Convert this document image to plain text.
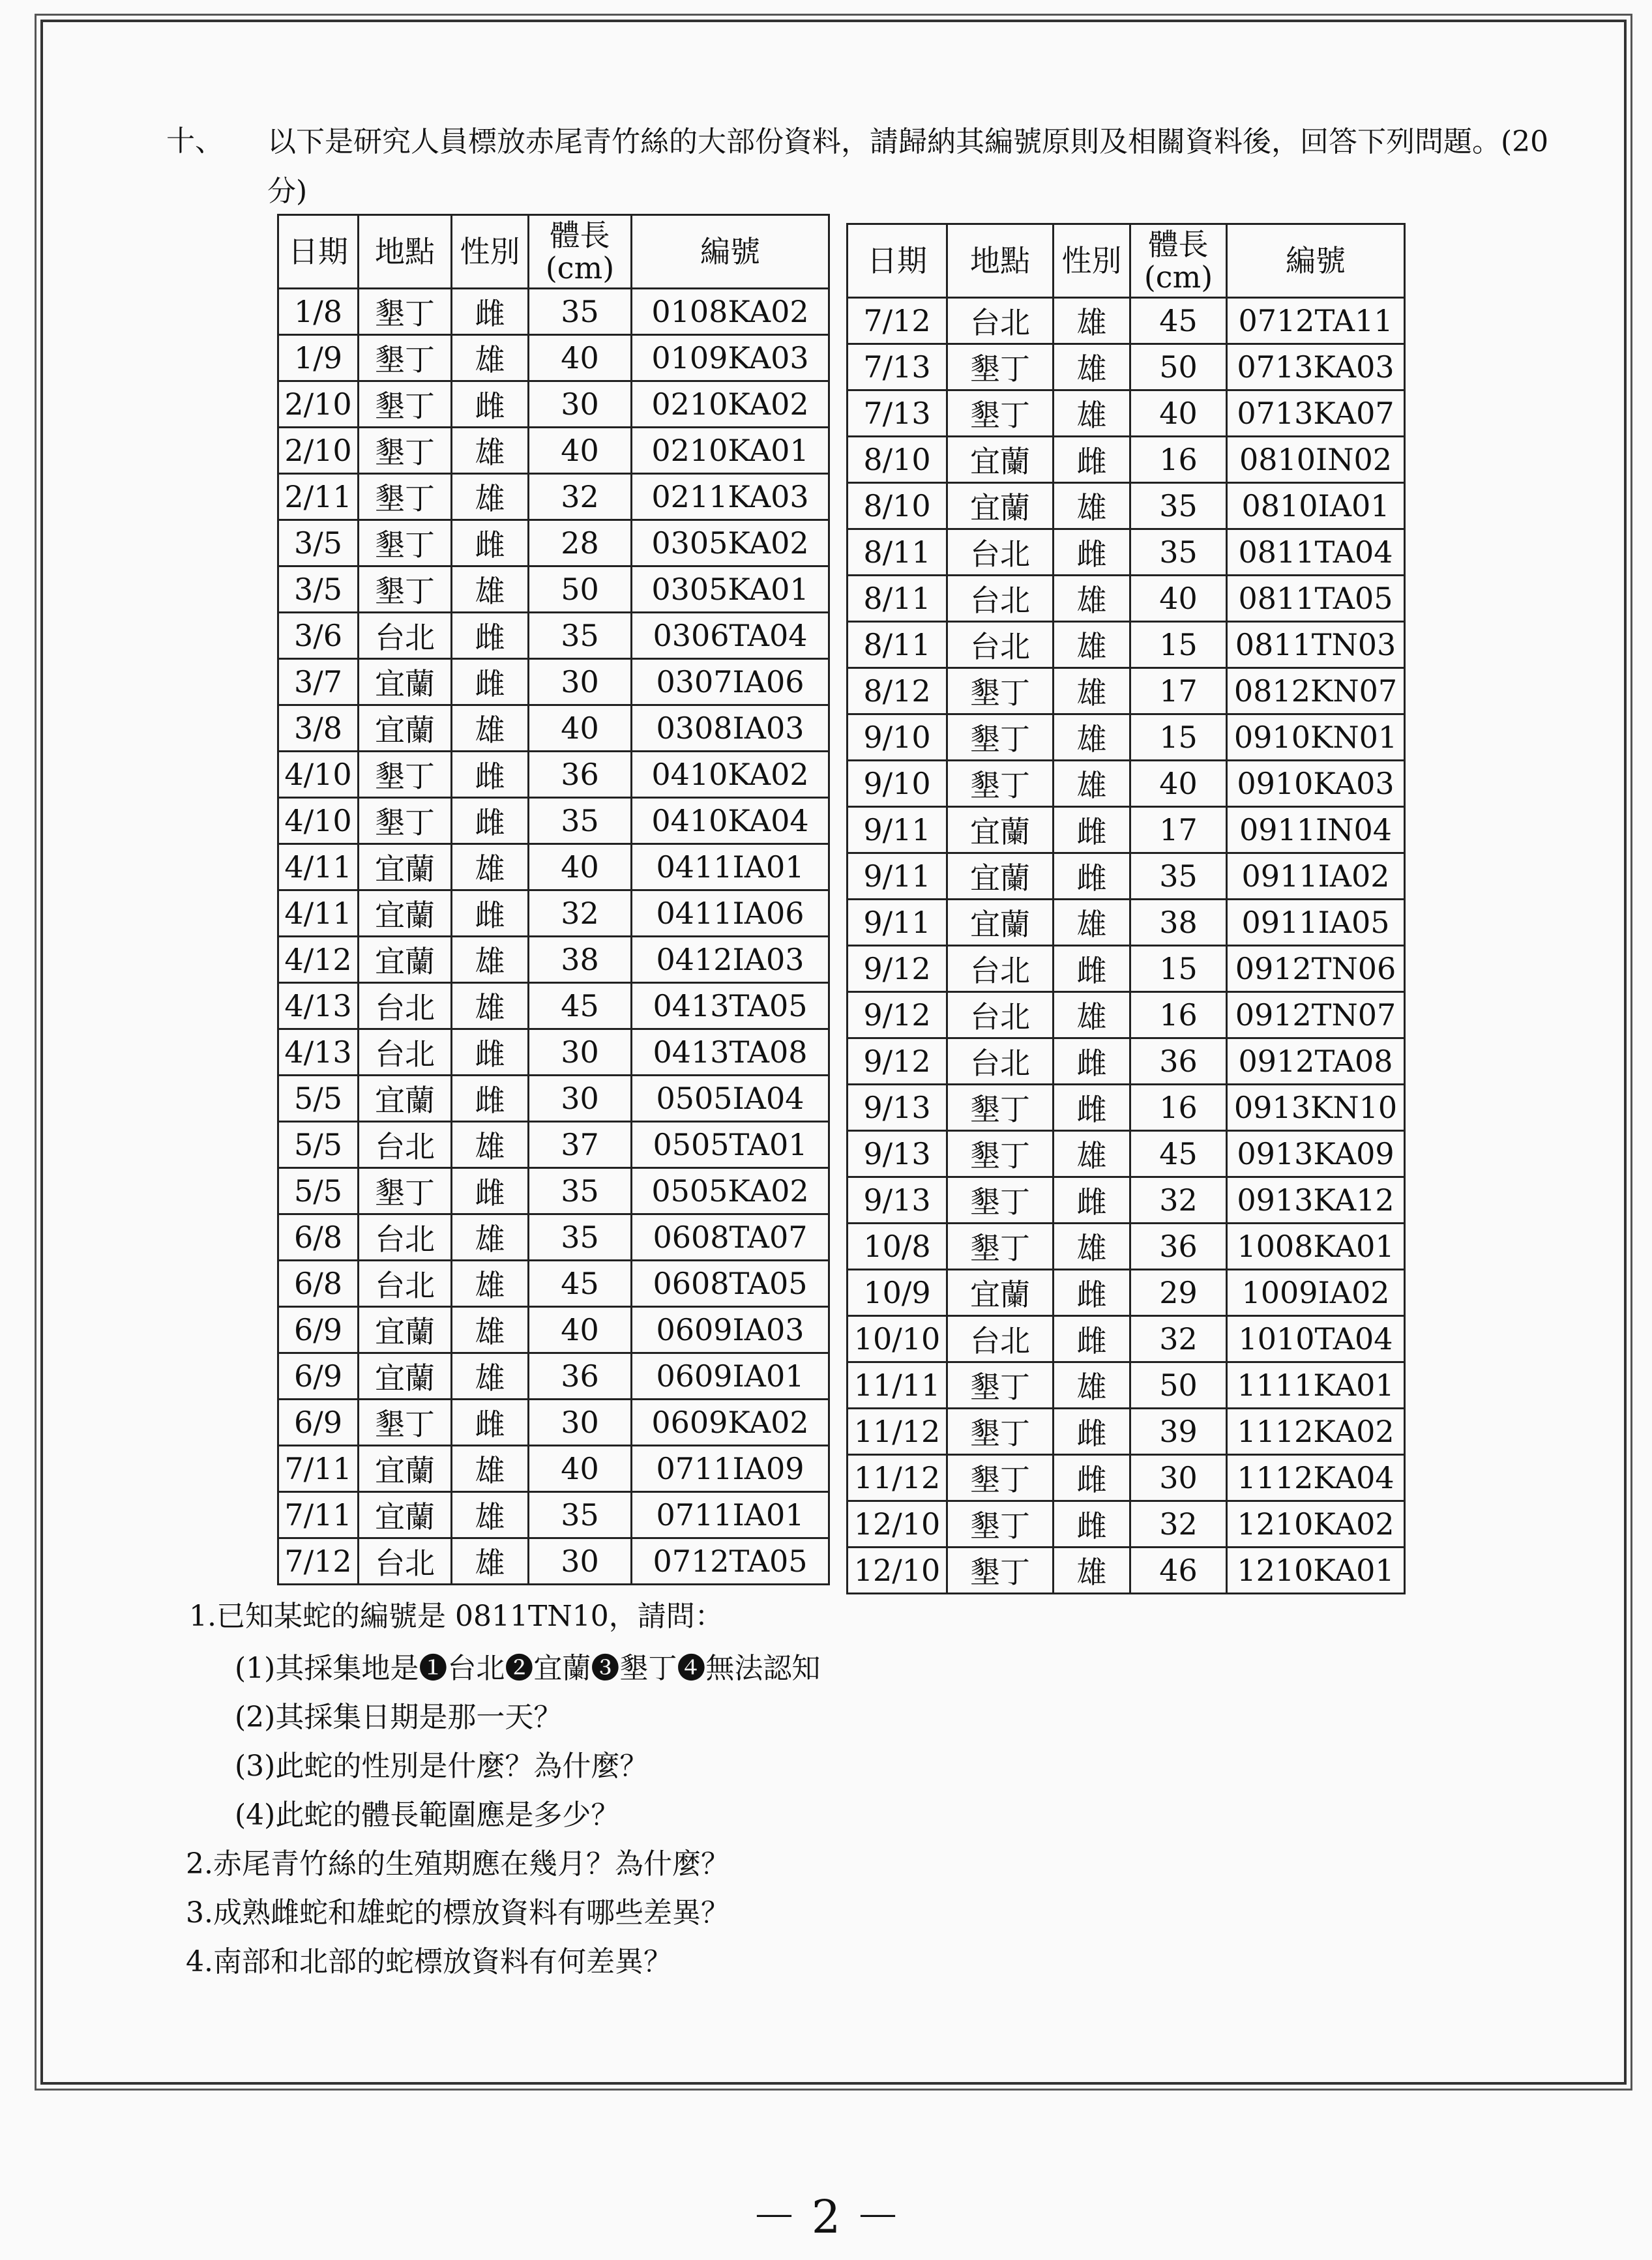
十、 以下是研究人員標放赤尾青竹絲的大部份資料，請歸納其編號原則及相關資料後，回答下列問題。(20 分)
日期	地點	性別	體長(cm)	編號
1/8	墾丁	雌	35	0108KA02
1/9	墾丁	雄	40	0109KA03
2/10	墾丁	雌	30	0210KA02
2/10	墾丁	雄	40	0210KA01
2/11	墾丁	雄	32	0211KA03
3/5	墾丁	雌	28	0305KA02
3/5	墾丁	雄	50	0305KA01
3/6	台北	雌	35	0306TA04
3/7	宜蘭	雌	30	0307IA06
3/8	宜蘭	雄	40	0308IA03
4/10	墾丁	雌	36	0410KA02
4/10	墾丁	雌	35	0410KA04
4/11	宜蘭	雄	40	0411IA01
4/11	宜蘭	雌	32	0411IA06
4/12	宜蘭	雄	38	0412IA03
4/13	台北	雄	45	0413TA05
4/13	台北	雌	30	0413TA08
5/5	宜蘭	雌	30	0505IA04
5/5	台北	雄	37	0505TA01
5/5	墾丁	雌	35	0505KA02
6/8	台北	雄	35	0608TA07
6/8	台北	雄	45	0608TA05
6/9	宜蘭	雄	40	0609IA03
6/9	宜蘭	雄	36	0609IA01
6/9	墾丁	雌	30	0609KA02
7/11	宜蘭	雄	40	0711IA09
7/11	宜蘭	雄	35	0711IA01
7/12	台北	雄	30	0712TA05
日期	地點	性別	體長(cm)	編號
7/12	台北	雄	45	0712TA11
7/13	墾丁	雄	50	0713KA03
7/13	墾丁	雄	40	0713KA07
8/10	宜蘭	雌	16	0810IN02
8/10	宜蘭	雄	35	0810IA01
8/11	台北	雌	35	0811TA04
8/11	台北	雄	40	0811TA05
8/11	台北	雄	15	0811TN03
8/12	墾丁	雄	17	0812KN07
9/10	墾丁	雄	15	0910KN01
9/10	墾丁	雄	40	0910KA03
9/11	宜蘭	雌	17	0911IN04
9/11	宜蘭	雌	35	0911IA02
9/11	宜蘭	雄	38	0911IA05
9/12	台北	雌	15	0912TN06
9/12	台北	雄	16	0912TN07
9/12	台北	雌	36	0912TA08
9/13	墾丁	雌	16	0913KN10
9/13	墾丁	雄	45	0913KA09
9/13	墾丁	雌	32	0913KA12
10/8	墾丁	雄	36	1008KA01
10/9	宜蘭	雌	29	1009IA02
10/10	台北	雌	32	1010TA04
11/11	墾丁	雄	50	1111KA01
11/12	墾丁	雌	39	1112KA02
11/12	墾丁	雌	30	1112KA04
12/10	墾丁	雌	32	1210KA02
12/10	墾丁	雄	46	1210KA01
1.已知某蛇的編號是 0811TN10，請問：
(1)其採集地是❶台北❷宜蘭❸墾丁❹無法認知
(2)其採集日期是那一天？
(3)此蛇的性別是什麼？為什麼？
(4)此蛇的體長範圍應是多少？
2.赤尾青竹絲的生殖期應在幾月？為什麼？
3.成熟雌蛇和雄蛇的標放資料有哪些差異？
4.南部和北部的蛇標放資料有何差異？
－ 2 －
